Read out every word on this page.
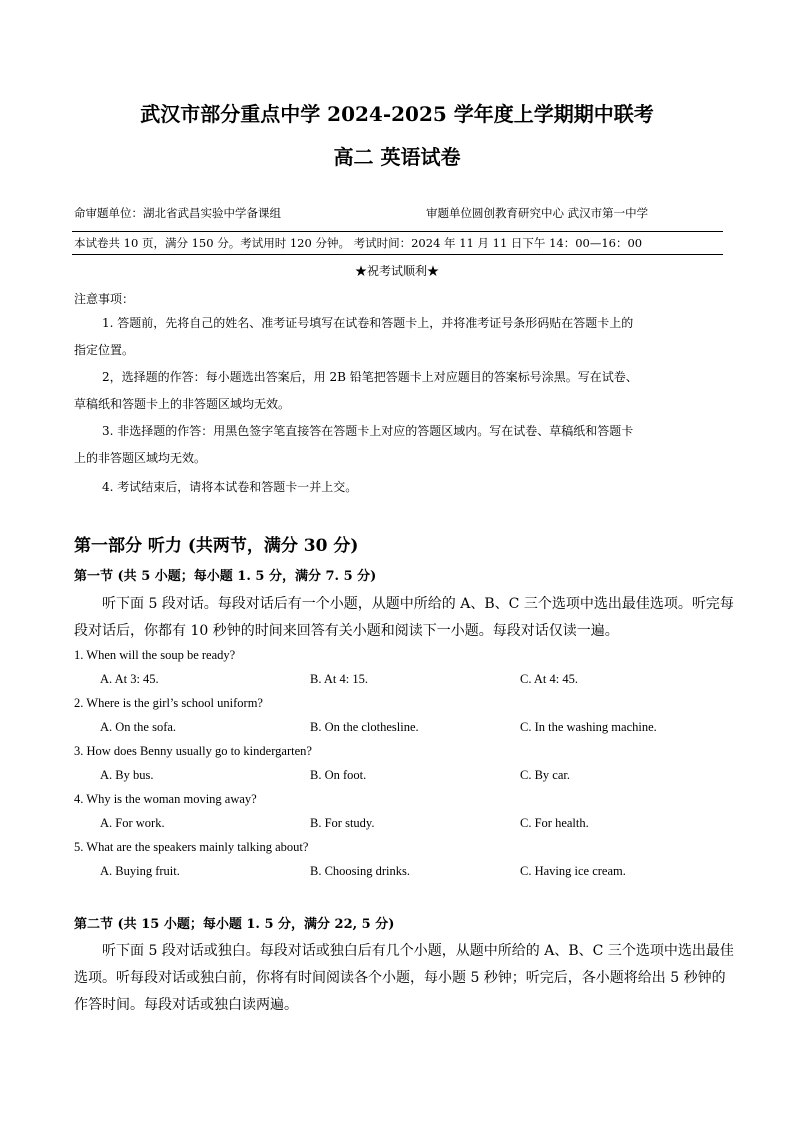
武汉市部分重点中学 2024-2025 学年度上学期期中联考
高二 英语试卷
命审题单位：湖北省武昌实验中学备课组	审题单位圆创教育研究中心 武汉市第一中学
本试卷共 10 页，满分 150 分。考试用时 120 分钟。 考试时间：2024 年 11 月 11 日下午 14：00—16：00
★祝考试顺利★
注意事项：
1. 答题前，先将自己的姓名、准考证号填写在试卷和答题卡上，并将准考证号条形码贴在答题卡上的
指定位置。
2，选择题的作答：每小题选出答案后，用 2B 铅笔把答题卡上对应题目的答案标号涂黑。写在试卷、
草稿纸和答题卡上的非答题区域均无效。
3. 非选择题的作答：用黑色签字笔直接答在答题卡上对应的答题区域内。写在试卷、草稿纸和答题卡
上的非答题区域均无效。
4. 考试结束后，请将本试卷和答题卡一并上交。
第一部分 听力 (共两节，满分 30 分)
第一节 (共 5 小题；每小题 1. 5 分，满分 7. 5 分)
听下面 5 段对话。每段对话后有一个小题，从题中所给的 A、B、C 三个选项中选出最佳选项。听完每
段对话后，你都有 10 秒钟的时间来回答有关小题和阅读下一小题。每段对话仅读一遍。
1. When will the soup be ready?
A. At 3: 45.	B. At 4: 15.	C. At 4: 45.
2. Where is the girl’s school uniform?
A. On the sofa.	B. On the clothesline.	C. In the washing machine.
3. How does Benny usually go to kindergarten?
A. By bus.	B. On foot.	C. By car.
4. Why is the woman moving away?
A. For work.	B. For study.	C. For health.
5. What are the speakers mainly talking about?
A. Buying fruit.	B. Choosing drinks.	C. Having ice cream.
第二节 (共 15 小题；每小题 1. 5 分，满分 22, 5 分)
听下面 5 段对话或独白。每段对话或独白后有几个小题，从题中所给的 A、B、C 三个选项中选出最佳
选项。听每段对话或独白前，你将有时间阅读各个小题，每小题 5 秒钟；听完后，各小题将给出 5 秒钟的
作答时间。每段对话或独白读两遍。
